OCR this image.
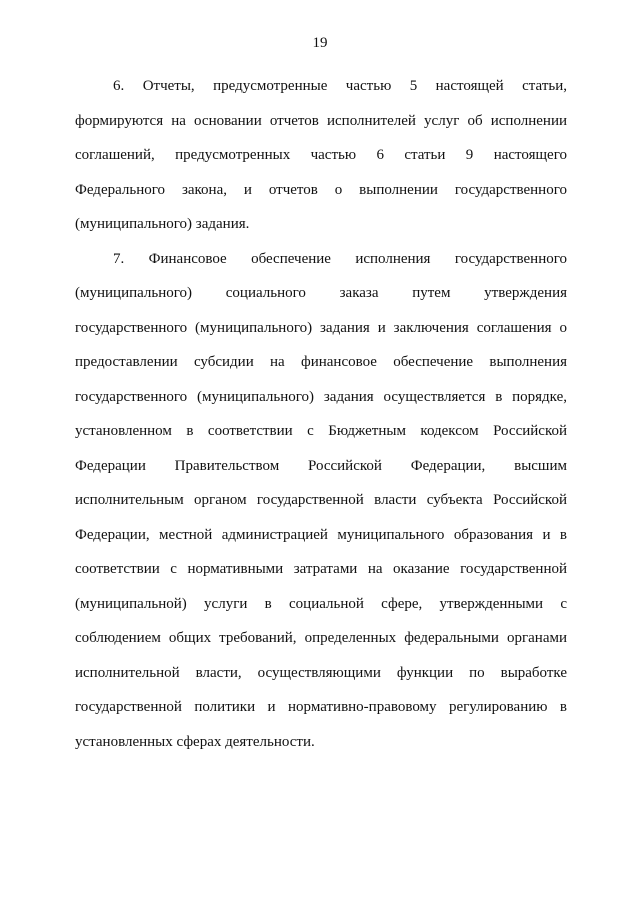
19
6. Отчеты, предусмотренные частью 5 настоящей статьи,
формируются на основании отчетов исполнителей услуг об исполнении
соглашений, предусмотренных частью 6 статьи 9 настоящего
Федерального закона, и отчетов о выполнении государственного
(муниципального) задания.
7. Финансовое обеспечение исполнения государственного
(муниципального) социального заказа путем утверждения
государственного (муниципального) задания и заключения соглашения о
предоставлении субсидии на финансовое обеспечение выполнения
государственного (муниципального) задания осуществляется в порядке,
установленном в соответствии с Бюджетным кодексом Российской
Федерации Правительством Российской Федерации, высшим
исполнительным органом государственной власти субъекта Российской
Федерации, местной администрацией муниципального образования и в
соответствии с нормативными затратами на оказание государственной
(муниципальной) услуги в социальной сфере, утвержденными с
соблюдением общих требований, определенных федеральными органами
исполнительной власти, осуществляющими функции по выработке
государственной политики и нормативно-правовому регулированию в
установленных сферах деятельности.
